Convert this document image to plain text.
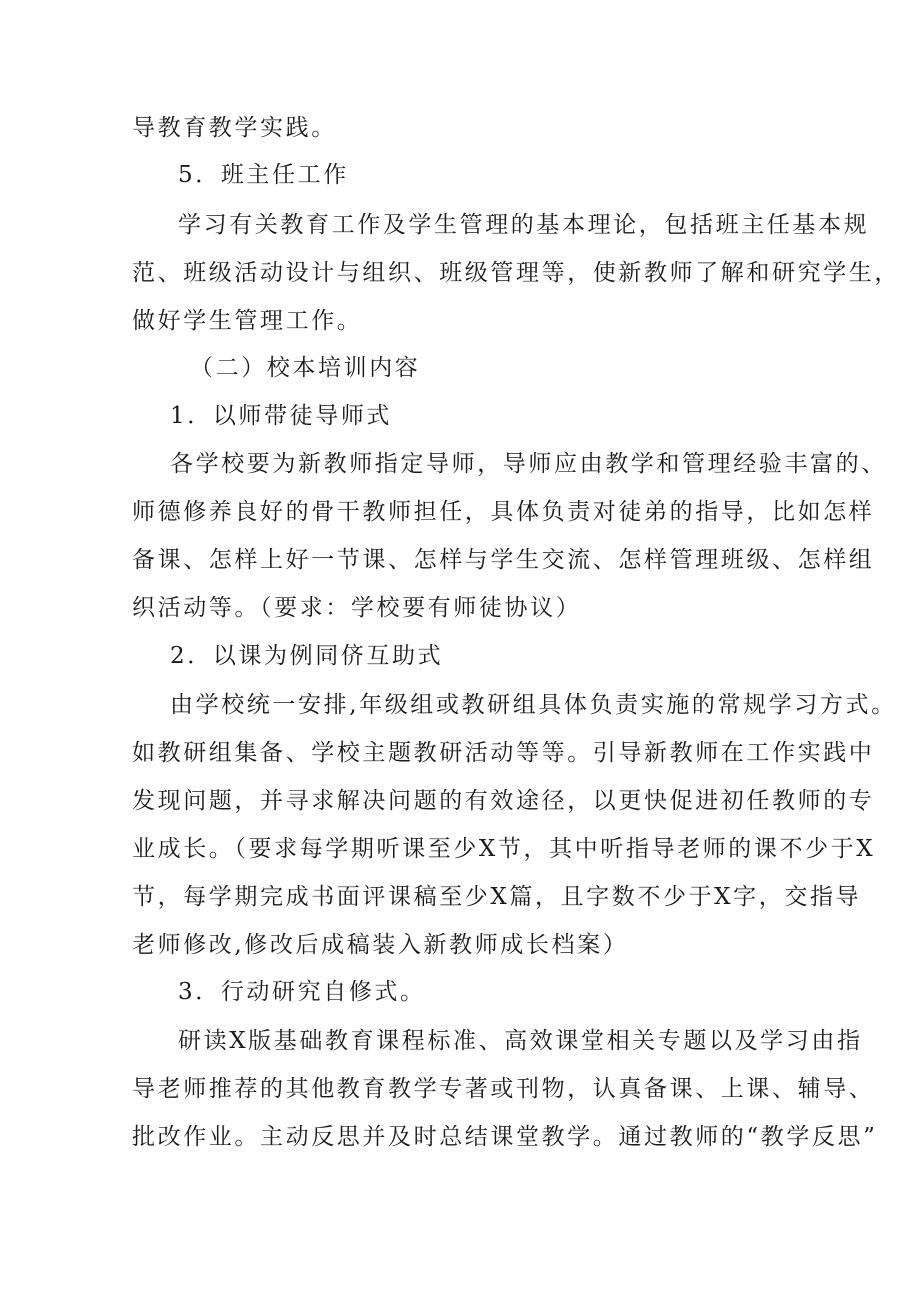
导教育教学实践。

5．班主任工作

学习有关教育工作及学生管理的基本理论，包括班主任基本规

范、班级活动设计与组织、班级管理等，使新教师了解和研究学生，

做好学生管理工作。

（二）校本培训内容

1．以师带徒导师式

各学校要为新教师指定导师，导师应由教学和管理经验丰富的、

师德修养良好的骨干教师担任，具体负责对徒弟的指导，比如怎样

备课、怎样上好一节课、怎样与学生交流、怎样管理班级、怎样组

织活动等。（要求：学校要有师徒协议）

2．以课为例同侪互助式

由学校统一安排,年级组或教研组具体负责实施的常规学习方式。

如教研组集备、学校主题教研活动等等。引导新教师在工作实践中

发现问题，并寻求解决问题的有效途径，以更快促进初任教师的专

业成长。（要求每学期听课至少X节，其中听指导老师的课不少于X

节，每学期完成书面评课稿至少X篇，且字数不少于X字，交指导

老师修改,修改后成稿装入新教师成长档案）

3．行动研究自修式。

研读X版基础教育课程标准、高效课堂相关专题以及学习由指

导老师推荐的其他教育教学专著或刊物，认真备课、上课、辅导、

批改作业。主动反思并及时总结课堂教学。通过教师的“教学反思”
